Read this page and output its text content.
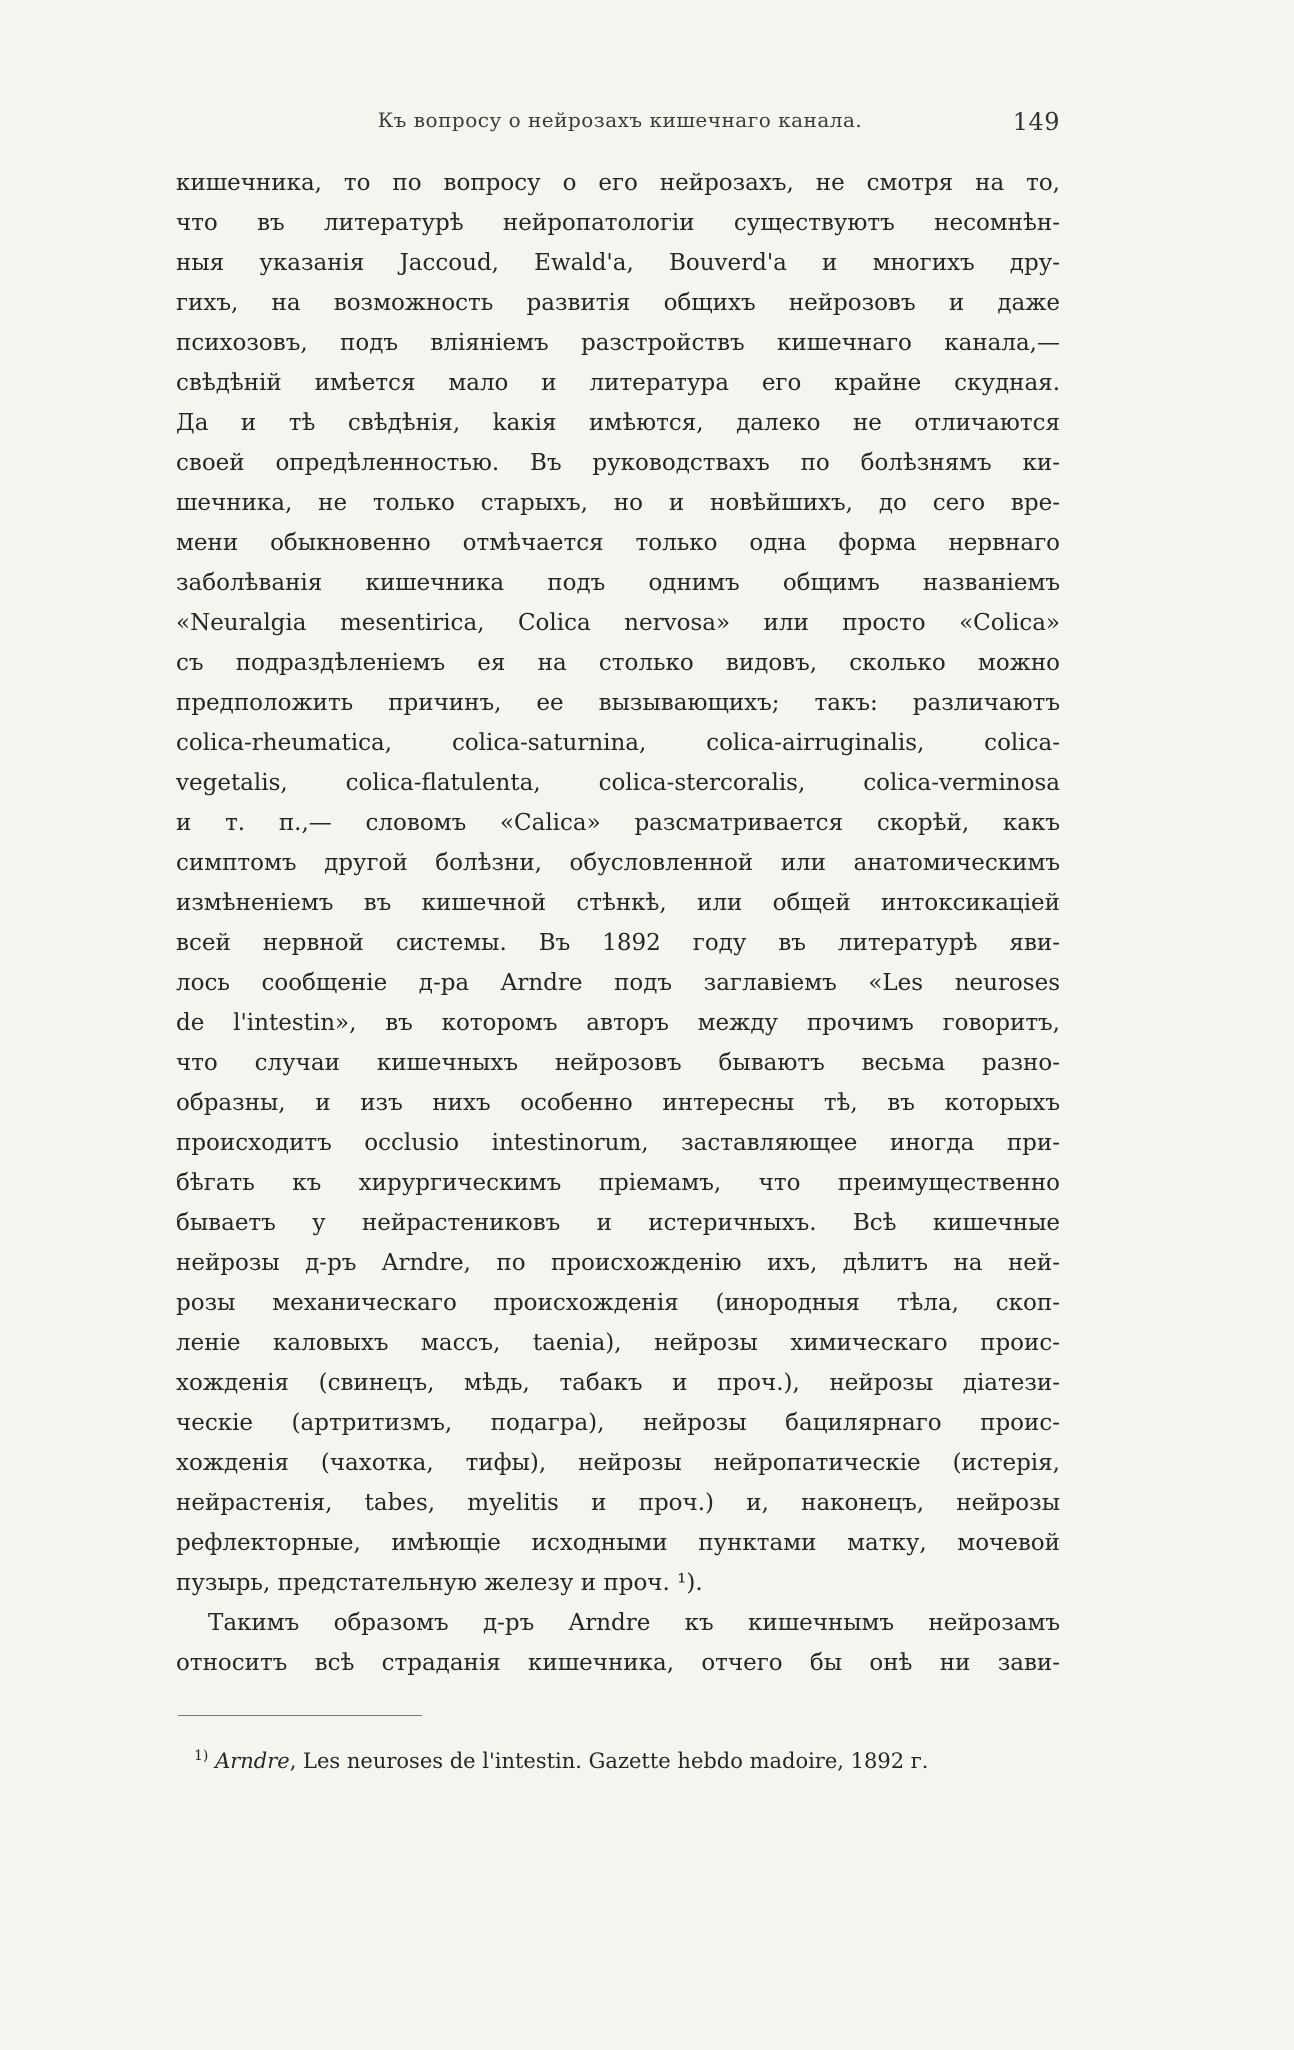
Къ вопросу о нейрозахъ кишечнаго канала.	149
кишечника, то по вопросу о его нейрозахъ, не смотря на то,
что въ литературѣ нейропатологіи существуютъ несомнѣн-
ныя указанія Jaccoud, Ewald'a, Bouverd'a и многихъ дру-
гихъ, на возможность развитія общихъ нейрозовъ и даже
психозовъ, подъ вліяніемъ разстройствъ кишечнаго канала,—
свѣдѣній имѣется мало и литература его крайне скудная.
Да и тѣ свѣдѣнія, kакія имѣются, далеко не отличаются
своей опредѣленностью. Въ руководствахъ по болѣзнямъ ки-
шечника, не только старыхъ, но и новѣйшихъ, до сего вре-
мени обыкновенно отмѣчается только одна форма нервнаго
заболѣванія кишечника подъ однимъ общимъ названіемъ
«Neuralgia mesentirica, Colica nervosa» или просто «Colica»
съ подраздѣленіемъ ея на столько видовъ, сколько можно
предположить причинъ, ее вызывающихъ; такъ: различаютъ
colica-rheumatica, colica-saturnina, colica-airruginalis, colica-
vegetalis, colica-flatulenta, colica-stercoralis, colica-verminosa
и т. п.,— словомъ «Calica» разсматривается скорѣй, какъ
симптомъ другой болѣзни, обусловленной или анатомическимъ
измѣненіемъ въ кишечной стѣнкѣ, или общей интоксикаціей
всей нервной системы. Въ 1892 году въ литературѣ яви-
лось сообщеніе д-ра Arndre подъ заглавіемъ «Les neuroses
de l'intestin», въ которомъ авторъ между прочимъ говоритъ,
что случаи кишечныхъ нейрозовъ бываютъ весьма разно-
образны, и изъ нихъ особенно интересны тѣ, въ которыхъ
происходитъ occlusio intestinorum, заставляющее иногда при-
бѣгать къ хирургическимъ пріемамъ, что преимущественно
бываетъ у нейрастениковъ и истеричныхъ. Всѣ кишечные
нейрозы д-ръ Arndre, по происхожденію ихъ, дѣлитъ на ней-
розы механическаго происхожденія (инородныя тѣла, скоп-
леніе каловыхъ массъ, taenia), нейрозы химическаго проис-
хожденія (свинецъ, мѣдь, табакъ и проч.), нейрозы діатези-
ческіе (артритизмъ, подагра), нейрозы бацилярнаго проис-
хожденія (чахотка, тифы), нейрозы нейропатическіе (истерія,
нейрастенія, tabes, myelitis и проч.) и, наконецъ, нейрозы
рефлекторные, имѣющіе исходными пунктами матку, мочевой
пузырь, предстательную железу и проч. ¹).
Такимъ образомъ д-ръ Arndre къ кишечнымъ нейрозамъ
относитъ всѣ страданія кишечника, отчего бы онѣ ни зави-
$^{1)}$ Arndre, Les neuroses de l'intestin. Gazette hebdo madoire, 1892 г.
